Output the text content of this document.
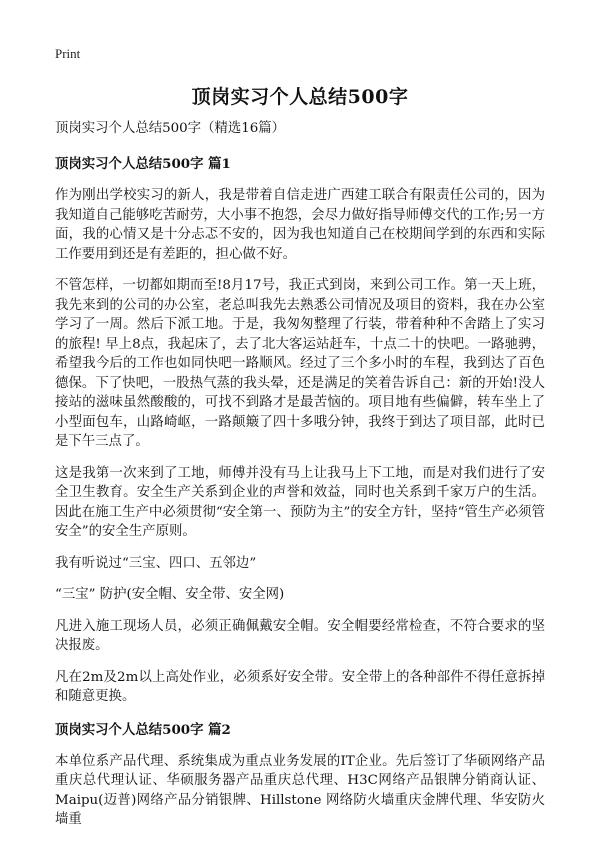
Print
顶岗实习个人总结500字

顶岗实习个人总结500字（精选16篇）

顶岗实习个人总结500字 篇1

作为刚出学校实习的新人，我是带着自信走进广西建工联合有限责任公司的，因为我知道自己能够吃苦耐劳，大小事不抱怨，会尽力做好指导师傅交代的工作;另一方面，我的心情又是十分忐忑不安的，因为我也知道自己在校期间学到的东西和实际工作要用到还是有差距的，担心做不好。

不管怎样，一切都如期而至!8月17号，我正式到岗，来到公司工作。第一天上班，我先来到的公司的办公室，老总叫我先去熟悉公司情况及项目的资料，我在办公室学习了一周。然后下派工地。于是，我匆匆整理了行装，带着种种不舍踏上了实习的旅程! 早上8点，我起床了，去了北大客运站赶车，十点二十的快吧。一路驰骋，希望我今后的工作也如同快吧一路顺风。经过了三个多小时的车程，我到达了百色德保。下了快吧，一股热气蒸的我头晕，还是满足的笑着告诉自己：新的开始!没人接站的滋味虽然酸酸的，可找不到路才是最苦恼的。项目地有些偏僻，转车坐上了小型面包车，山路崎岖，一路颠簸了四十多哦分钟，我终于到达了项目部，此时已是下午三点了。

这是我第一次来到了工地，师傅并没有马上让我马上下工地，而是对我们进行了安全卫生教育。安全生产关系到企业的声誉和效益，同时也关系到千家万户的生活。因此在施工生产中必须贯彻“安全第一、预防为主”的安全方针，坚持“管生产必须管安全”的安全生产原则。

我有听说过“三宝、四口、五邻边”

“三宝” 防护(安全帽、安全带、安全网)

凡进入施工现场人员，必须正确佩戴安全帽。安全帽要经常检查，不符合要求的坚决报废。

凡在2m及2m以上高处作业，必须系好安全带。安全带上的各种部件不得任意拆掉和随意更换。

顶岗实习个人总结500字 篇2

本单位系产品代理、系统集成为重点业务发展的IT企业。先后签订了华硕网络产品重庆总代理认证、华硕服务器产品重庆总代理、H3C网络产品银牌分销商认证、Maipu(迈普)网络产品分销银牌、Hillstone 网络防火墙重庆金牌代理、华安防火墙重
